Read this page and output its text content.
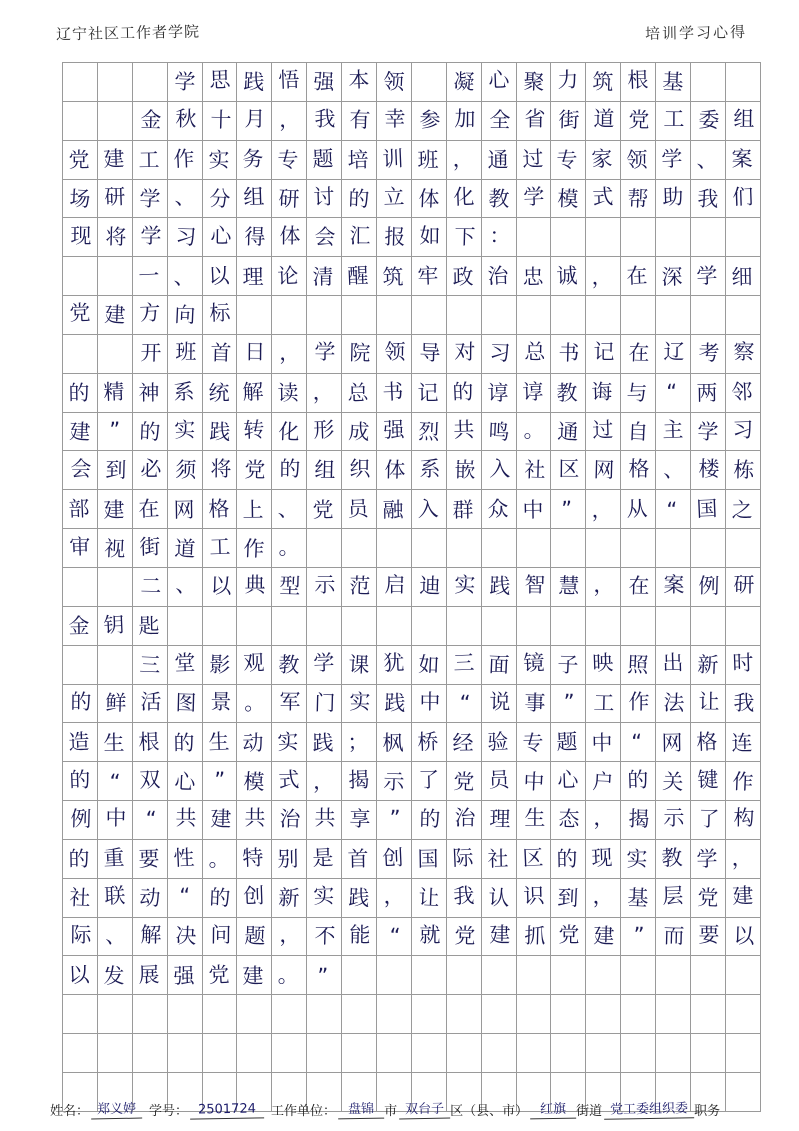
辽宁社区工作者学院	培训学习心得

			学	思	践	悟	强	本	领		凝	心	聚	力	筑	根	基		

		金	秋	十	月	，	我	有	幸	参	加	全	省	街	道	党	工	委	组

党	建	工	作	实	务	专	题	培	训	班	，	通	过	专	家	领	学	、	案

场	研	学	、	分	组	研	讨	的	立	体	化	教	学	模	式	帮	助	我	们

现	将	学	习	心	得	体	会	汇	报	如	下	：							

		一	、	以	理	论	清	醒	筑	牢	政	治	忠	诚	，	在	深	学	细

党	建	方	向	标															

		开	班	首	日	，	学	院	领	导	对	习	总	书	记	在	辽	考	察

的	精	神	系	统	解	读	，	总	书	记	的	谆	谆	教	诲	与	“	两	邻

建	”	的	实	践	转	化	形	成	强	烈	共	鸣	。	通	过	自	主	学	习

会	到	必	须	将	党	的	组	织	体	系	嵌	入	社	区	网	格	、	楼	栋

部	建	在	网	格	上	、	党	员	融	入	群	众	中	”	，	从	“	国	之

审	视	街	道	工	作	。													

		二	、	以	典	型	示	范	启	迪	实	践	智	慧	，	在	案	例	研

金	钥	匙																	

		三	堂	影	观	教	学	课	犹	如	三	面	镜	子	映	照	出	新	时

的	鲜	活	图	景	。	军	门	实	践	中	“	说	事	”	工	作	法	让	我

造	生	根	的	生	动	实	践	；	枫	桥	经	验	专	题	中	“	网	格	连

的	“	双	心	”	模	式	，	揭	示	了	党	员	中	心	户	的	关	键	作

例	中	“	共	建	共	治	共	享	”	的	治	理	生	态	，	揭	示	了	构

的	重	要	性	。	特	别	是	首	创	国	际	社	区	的	现	实	教	学	，

社	联	动	“	的	创	新	实	践	，	让	我	认	识	到	，	基	层	党	建

际	、	解	决	问	题	，	不	能	“	就	党	建	抓	党	建	”	而	要	以

以	发	展	强	党	建	。	”												

姓名： 郑义婷 学号： 2501724	工作单位： 盘锦 市 双台子 区（县、市） 红旗 街道 党工委组织委 职务
